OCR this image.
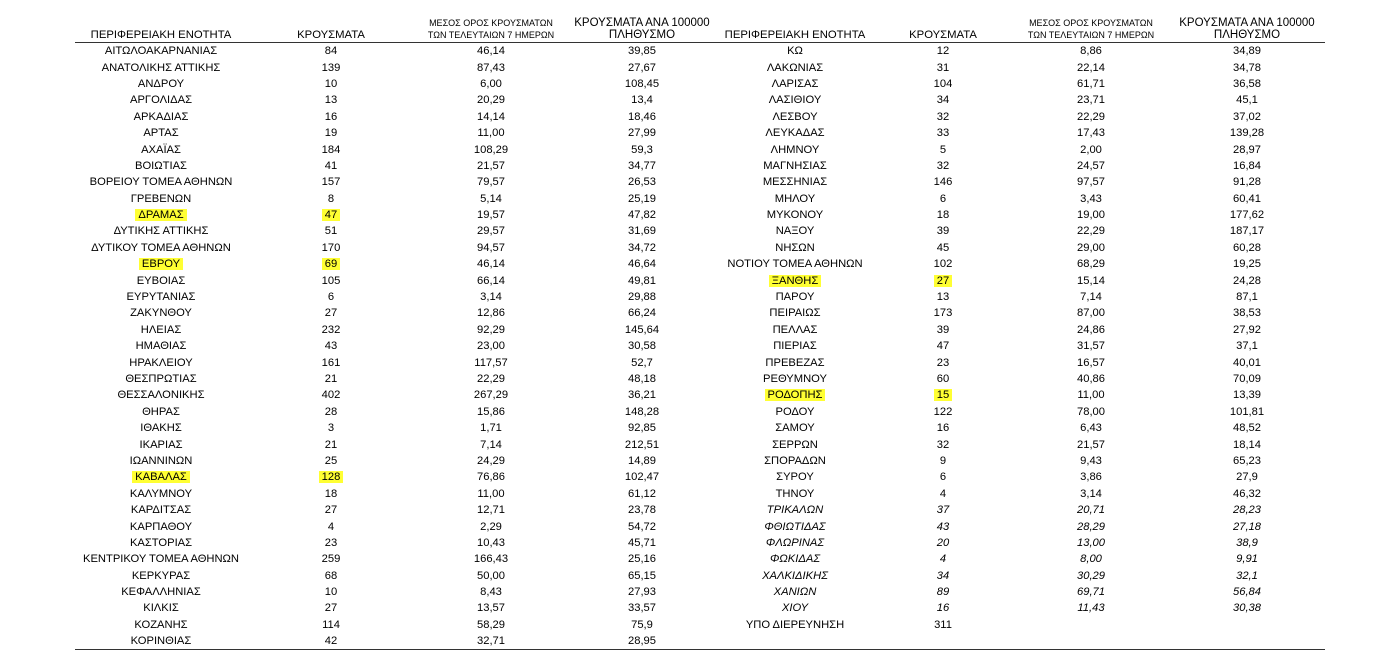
ΠΕΡΙΦΕΡΕΙΑΚΗ ΕΝΟΤΗΤΑ	ΚΡΟΥΣΜΑΤΑ	ΜΕΣΟΣ ΟΡΟΣ ΚΡΟΥΣΜΑΤΩΝ
ΤΩΝ ΤΕΛΕΥΤΑΙΩΝ 7 ΗΜΕΡΩΝ	ΚΡΟΥΣΜΑΤΑ ΑΝΑ 100000
ΠΛΗΘΥΣΜΟ	ΠΕΡΙΦΕΡΕΙΑΚΗ ΕΝΟΤΗΤΑ	ΚΡΟΥΣΜΑΤΑ	ΜΕΣΟΣ ΟΡΟΣ ΚΡΟΥΣΜΑΤΩΝ
ΤΩΝ ΤΕΛΕΥΤΑΙΩΝ 7 ΗΜΕΡΩΝ	ΚΡΟΥΣΜΑΤΑ ΑΝΑ 100000
ΠΛΗΘΥΣΜΟ
ΑΙΤΩΛΟΑΚΑΡΝΑΝΙΑΣ	84	46,14	39,85	ΚΩ	12	8,86	34,89
ΑΝΑΤΟΛΙΚΗΣ ΑΤΤΙΚΗΣ	139	87,43	27,67	ΛΑΚΩΝΙΑΣ	31	22,14	34,78
ΑΝΔΡΟΥ	10	6,00	108,45	ΛΑΡΙΣΑΣ	104	61,71	36,58
ΑΡΓΟΛΙΔΑΣ	13	20,29	13,4	ΛΑΣΙΘΙΟΥ	34	23,71	45,1
ΑΡΚΑΔΙΑΣ	16	14,14	18,46	ΛΕΣΒΟΥ	32	22,29	37,02
ΑΡΤΑΣ	19	11,00	27,99	ΛΕΥΚΑΔΑΣ	33	17,43	139,28
ΑΧΑΪΑΣ	184	108,29	59,3	ΛΗΜΝΟΥ	5	2,00	28,97
ΒΟΙΩΤΙΑΣ	41	21,57	34,77	ΜΑΓΝΗΣΙΑΣ	32	24,57	16,84
ΒΟΡΕΙΟΥ ΤΟΜΕΑ ΑΘΗΝΩΝ	157	79,57	26,53	ΜΕΣΣΗΝΙΑΣ	146	97,57	91,28
ΓΡΕΒΕΝΩΝ	8	5,14	25,19	ΜΗΛΟΥ	6	3,43	60,41
ΔΡΑΜΑΣ	47	19,57	47,82	ΜΥΚΟΝΟΥ	18	19,00	177,62
ΔΥΤΙΚΗΣ ΑΤΤΙΚΗΣ	51	29,57	31,69	ΝΑΞΟΥ	39	22,29	187,17
ΔΥΤΙΚΟΥ ΤΟΜΕΑ ΑΘΗΝΩΝ	170	94,57	34,72	ΝΗΣΩΝ	45	29,00	60,28
ΕΒΡΟΥ	69	46,14	46,64	ΝΟΤΙΟΥ ΤΟΜΕΑ ΑΘΗΝΩΝ	102	68,29	19,25
ΕΥΒΟΙΑΣ	105	66,14	49,81	ΞΑΝΘΗΣ	27	15,14	24,28
ΕΥΡΥΤΑΝΙΑΣ	6	3,14	29,88	ΠΑΡΟΥ	13	7,14	87,1
ΖΑΚΥΝΘΟΥ	27	12,86	66,24	ΠΕΙΡΑΙΩΣ	173	87,00	38,53
ΗΛΕΙΑΣ	232	92,29	145,64	ΠΕΛΛΑΣ	39	24,86	27,92
ΗΜΑΘΙΑΣ	43	23,00	30,58	ΠΙΕΡΙΑΣ	47	31,57	37,1
ΗΡΑΚΛΕΙΟΥ	161	117,57	52,7	ΠΡΕΒΕΖΑΣ	23	16,57	40,01
ΘΕΣΠΡΩΤΙΑΣ	21	22,29	48,18	ΡΕΘΥΜΝΟΥ	60	40,86	70,09
ΘΕΣΣΑΛΟΝΙΚΗΣ	402	267,29	36,21	ΡΟΔΟΠΗΣ	15	11,00	13,39
ΘΗΡΑΣ	28	15,86	148,28	ΡΟΔΟΥ	122	78,00	101,81
ΙΘΑΚΗΣ	3	1,71	92,85	ΣΑΜΟΥ	16	6,43	48,52
ΙΚΑΡΙΑΣ	21	7,14	212,51	ΣΕΡΡΩΝ	32	21,57	18,14
ΙΩΑΝΝΙΝΩΝ	25	24,29	14,89	ΣΠΟΡΑΔΩΝ	9	9,43	65,23
ΚΑΒΑΛΑΣ	128	76,86	102,47	ΣΥΡΟΥ	6	3,86	27,9
ΚΑΛΥΜΝΟΥ	18	11,00	61,12	ΤΗΝΟΥ	4	3,14	46,32
ΚΑΡΔΙΤΣΑΣ	27	12,71	23,78	ΤΡΙΚΑΛΩΝ	37	20,71	28,23
ΚΑΡΠΑΘΟΥ	4	2,29	54,72	ΦΘΙΩΤΙΔΑΣ	43	28,29	27,18
ΚΑΣΤΟΡΙΑΣ	23	10,43	45,71	ΦΛΩΡΙΝΑΣ	20	13,00	38,9
ΚΕΝΤΡΙΚΟΥ ΤΟΜΕΑ ΑΘΗΝΩΝ	259	166,43	25,16	ΦΩΚΙΔΑΣ	4	8,00	9,91
ΚΕΡΚΥΡΑΣ	68	50,00	65,15	ΧΑΛΚΙΔΙΚΗΣ	34	30,29	32,1
ΚΕΦΑΛΛΗΝΙΑΣ	10	8,43	27,93	ΧΑΝΙΩΝ	89	69,71	56,84
ΚΙΛΚΙΣ	27	13,57	33,57	ΧΙΟΥ	16	11,43	30,38
ΚΟΖΑΝΗΣ	114	58,29	75,9	ΥΠΟ ΔΙΕΡΕΥΝΗΣΗ	311		
ΚΟΡΙΝΘΙΑΣ	42	32,71	28,95				
